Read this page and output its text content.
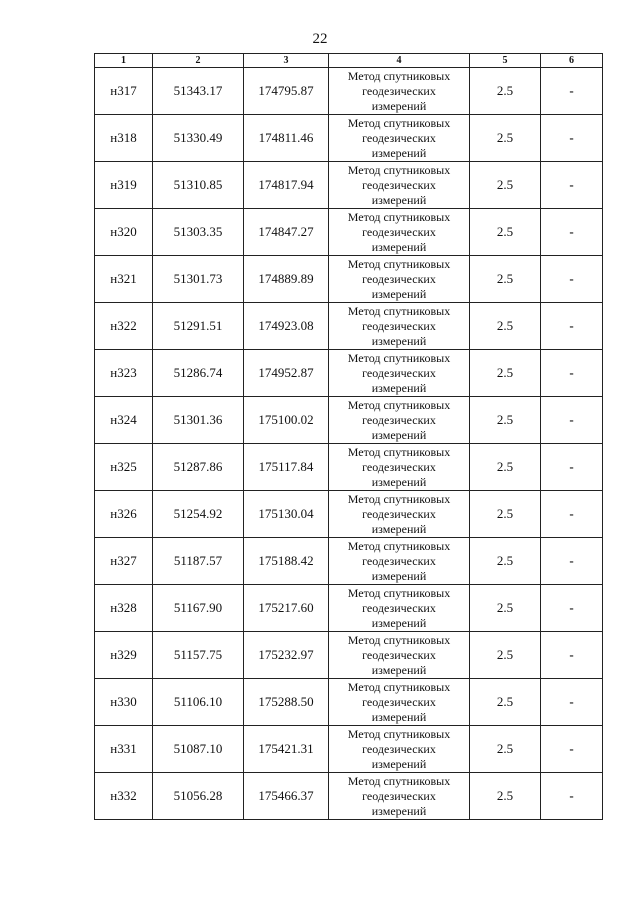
22
1	2	3	4	5	6
н317	51343.17	174795.87	Метод спутниковых
геодезических
измерений	2.5	-
н318	51330.49	174811.46	Метод спутниковых
геодезических
измерений	2.5	-
н319	51310.85	174817.94	Метод спутниковых
геодезических
измерений	2.5	-
н320	51303.35	174847.27	Метод спутниковых
геодезических
измерений	2.5	-
н321	51301.73	174889.89	Метод спутниковых
геодезических
измерений	2.5	-
н322	51291.51	174923.08	Метод спутниковых
геодезических
измерений	2.5	-
н323	51286.74	174952.87	Метод спутниковых
геодезических
измерений	2.5	-
н324	51301.36	175100.02	Метод спутниковых
геодезических
измерений	2.5	-
н325	51287.86	175117.84	Метод спутниковых
геодезических
измерений	2.5	-
н326	51254.92	175130.04	Метод спутниковых
геодезических
измерений	2.5	-
н327	51187.57	175188.42	Метод спутниковых
геодезических
измерений	2.5	-
н328	51167.90	175217.60	Метод спутниковых
геодезических
измерений	2.5	-
н329	51157.75	175232.97	Метод спутниковых
геодезических
измерений	2.5	-
н330	51106.10	175288.50	Метод спутниковых
геодезических
измерений	2.5	-
н331	51087.10	175421.31	Метод спутниковых
геодезических
измерений	2.5	-
н332	51056.28	175466.37	Метод спутниковых
геодезических
измерений	2.5	-
